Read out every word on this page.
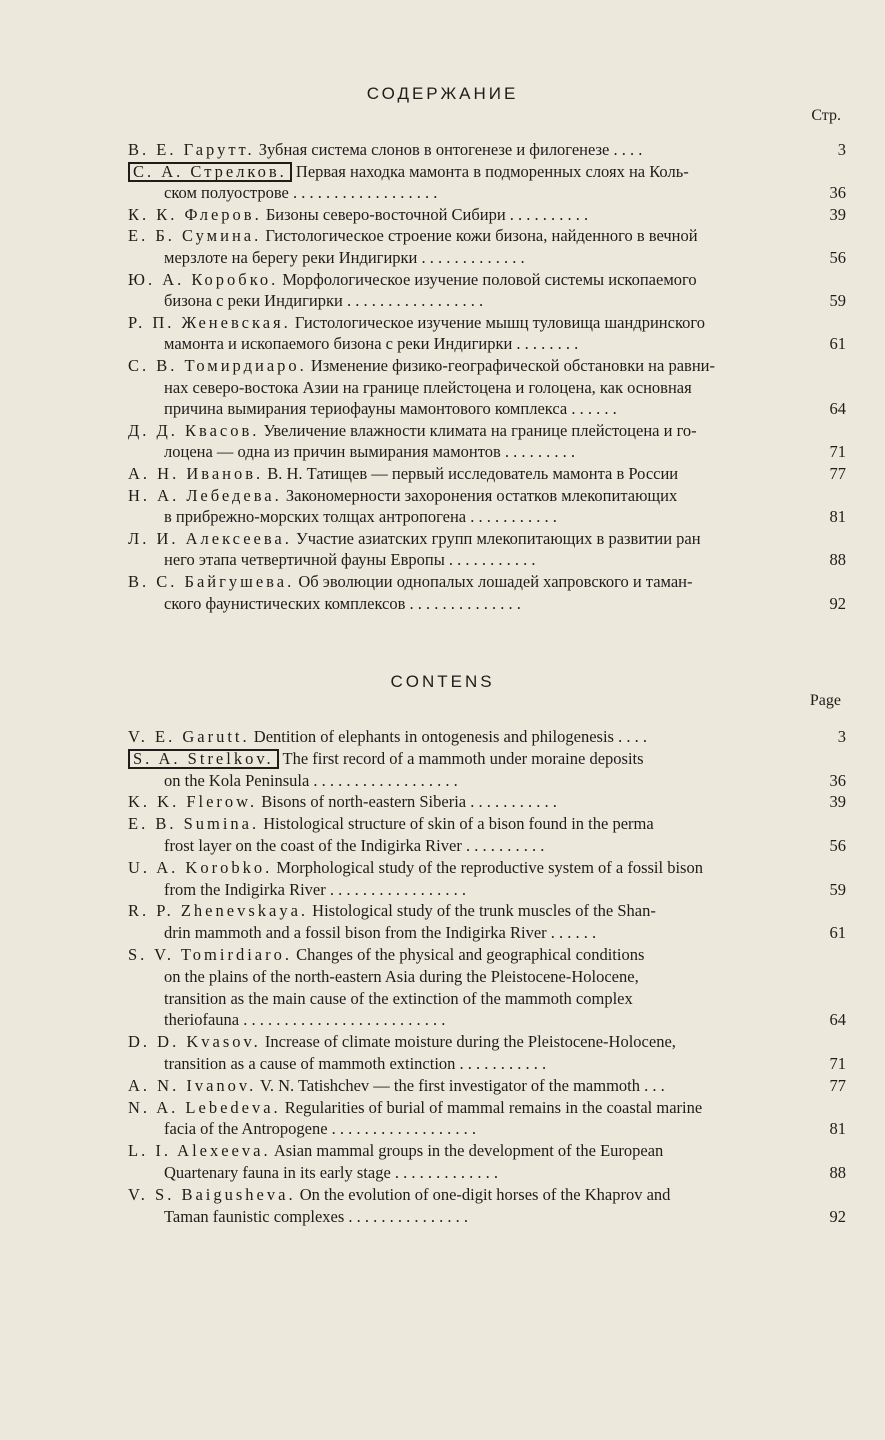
СОДЕРЖАНИЕ
Стр.
В. Е. Гарутт. Зубная система слонов в онтогенезе и филогенезе . . . .	3
С. А. Стрелков. Первая находка мамонта в подморенных слоях на Коль-
ском полуострове . . . . . . . . . . . . . . . . . .	36
К. К. Флеров. Бизоны северо-восточной Сибири . . . . . . . . . .	39
Е. Б. Сумина. Гистологическое строение кожи бизона, найденного в вечной
мерзлоте на берегу реки Индигирки . . . . . . . . . . . . .	56
Ю. А. Коробко. Морфологическое изучение половой системы ископаемого
бизона с реки Индигирки . . . . . . . . . . . . . . . . .	59
Р. П. Женевская. Гистологическое изучение мышц туловища шандринского
мамонта и ископаемого бизона с реки Индигирки . . . . . . . .	61
С. В. Томирдиаро. Изменение физико-географической обстановки на равни-
нах северо-востока Азии на границе плейстоцена и голоцена, как основная
причина вымирания териофауны мамонтового комплекса . . . . . .	64
Д. Д. Квасов. Увеличение влажности климата на границе плейстоцена и го-
лоцена — одна из причин вымирания мамонтов . . . . . . . . .	71
А. Н. Иванов. В. Н. Татищев — первый исследователь мамонта в России	77
Н. А. Лебедева. Закономерности захоронения остатков млекопитающих
в прибрежно-морских толщах антропогена . . . . . . . . . . .	81
Л. И. Алексеева. Участие азиатских групп млекопитающих в развитии ран
него этапа четвертичной фауны Европы . . . . . . . . . . .	88
В. С. Байгушева. Об эволюции однопалых лошадей хапровского и таман-
ского фаунистических комплексов . . . . . . . . . . . . . .	92
CONTENS
Page
V. E. Garutt. Dentition of elephants in ontogenesis and philogenesis . . . .	3
S. A. Strelkov. The first record of a mammoth under moraine deposits
on the Kola Peninsula . . . . . . . . . . . . . . . . . .	36
K. K. Flerow. Bisons of north-eastern Siberia . . . . . . . . . . .	39
E. B. Sumina. Histological structure of skin of a bison found in the perma
frost layer on the coast of the Indigirka River . . . . . . . . . .	56
U. A. Korobko. Morphological study of the reproductive system of a fossil bison
from the Indigirka River . . . . . . . . . . . . . . . . .	59
R. P. Zhenevskaya. Histological study of the trunk muscles of the Shan-
drin mammoth and a fossil bison from the Indigirka River . . . . . .	61
S. V. Tomirdiaro. Changes of the physical and geographical conditions
on the plains of the north-eastern Asia during the Pleistocene-Holocene,
transition as the main cause of the extinction of the mammoth complex
theriofauna . . . . . . . . . . . . . . . . . . . . . . . . .	64
D. D. Kvasov. Increase of climate moisture during the Pleistocene-Holocene,
transition as a cause of mammoth extinction . . . . . . . . . . .	71
A. N. Ivanov. V. N. Tatishchev — the first investigator of the mammoth . . .	77
N. A. Lebedeva. Regularities of burial of mammal remains in the coastal marine
facia of the Antropogene . . . . . . . . . . . . . . . . . .	81
L. I. Alexeeva. Asian mammal groups in the development of the European
Quartenary fauna in its early stage . . . . . . . . . . . . .	88
V. S. Baigusheva. On the evolution of one-digit horses of the Khaprov and
Taman faunistic complexes . . . . . . . . . . . . . . .	92
